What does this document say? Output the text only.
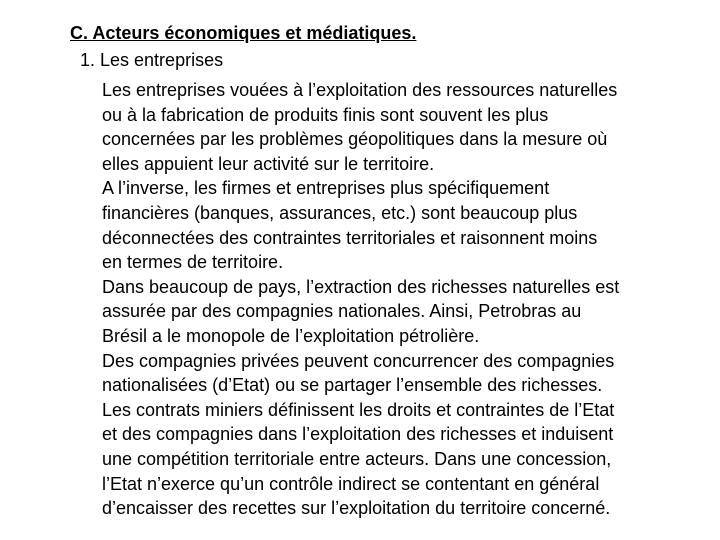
C. Acteurs économiques et médiatiques.
1. Les entreprises
Les entreprises vouées à l’exploitation des ressources naturelles
ou à la fabrication de produits finis sont souvent les plus
concernées par les problèmes géopolitiques dans la mesure où
elles appuient leur activité sur le territoire.
A l’inverse, les firmes et entreprises plus spécifiquement
financières (banques, assurances, etc.) sont beaucoup plus
déconnectées des contraintes territoriales et raisonnent moins
en termes de territoire.
Dans beaucoup de pays, l’extraction des richesses naturelles est
assurée par des compagnies nationales. Ainsi, Petrobras au
Brésil a le monopole de l’exploitation pétrolière.
Des compagnies privées peuvent concurrencer des compagnies
nationalisées (d’Etat) ou se partager l’ensemble des richesses.
Les contrats miniers définissent les droits et contraintes de l’Etat
et des compagnies dans l’exploitation des richesses et induisent
une compétition territoriale entre acteurs. Dans une concession,
l’Etat n’exerce qu’un contrôle indirect se contentant en général
d’encaisser des recettes sur l’exploitation du territoire concerné.
